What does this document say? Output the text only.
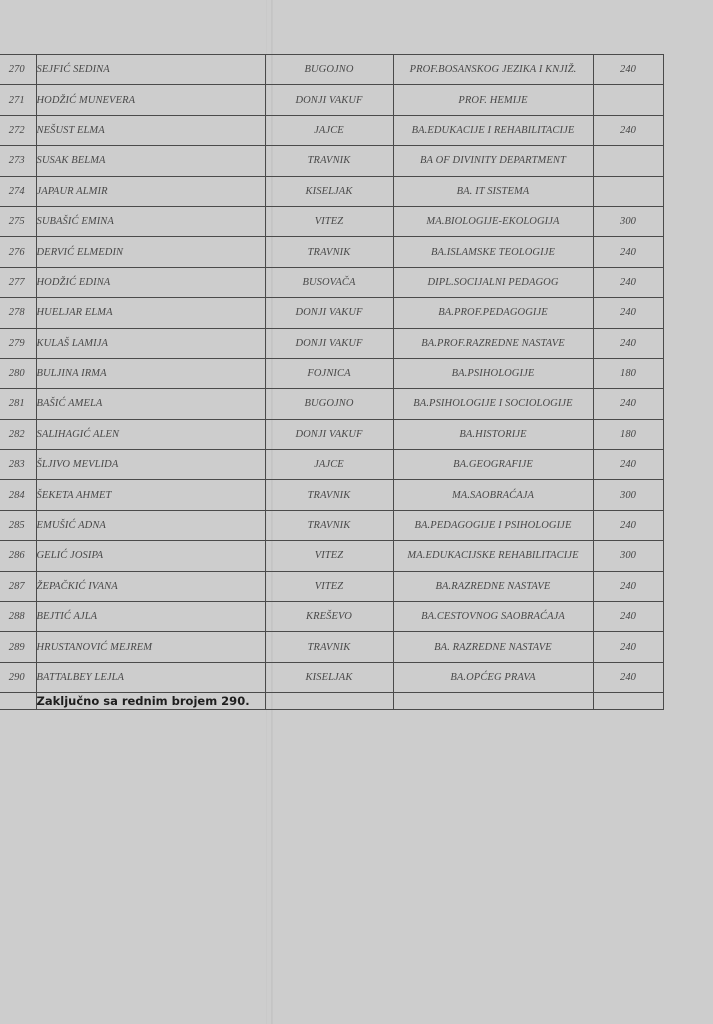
270	SEJFIĆ SEDINA	BUGOJNO	PROF.BOSANSKOG JEZIKA I KNJIŽ.	240
271	HODŽIĆ MUNEVERA	DONJI VAKUF	PROF. HEMIJE	
272	NEŠUST ELMA	JAJCE	BA.EDUKACIJE I REHABILITACIJE	240
273	SUSAK BELMA	TRAVNIK	BA OF DIVINITY DEPARTMENT	
274	JAPAUR ALMIR	KISELJAK	BA. IT SISTEMA	
275	SUBAŠIĆ EMINA	VITEZ	MA.BIOLOGIJE-EKOLOGIJA	300
276	DERVIĆ ELMEDIN	TRAVNIK	BA.ISLAMSKE TEOLOGIJE	240
277	HODŽIĆ EDINA	BUSOVAČA	DIPL.SOCIJALNI PEDAGOG	240
278	HUELJAR ELMA	DONJI VAKUF	BA.PROF.PEDAGOGIJE	240
279	KULAŠ LAMIJA	DONJI VAKUF	BA.PROF.RAZREDNE NASTAVE	240
280	BULJINA IRMA	FOJNICA	BA.PSIHOLOGIJE	180
281	BAŠIĆ AMELA	BUGOJNO	BA.PSIHOLOGIJE I SOCIOLOGIJE	240
282	SALIHAGIĆ ALEN	DONJI VAKUF	BA.HISTORIJE	180
283	ŠLJIVO MEVLIDA	JAJCE	BA.GEOGRAFIJE	240
284	ŠEKETA AHMET	TRAVNIK	MA.SAOBRAĆAJA	300
285	EMUŠIĆ ADNA	TRAVNIK	BA.PEDAGOGIJE I PSIHOLOGIJE	240
286	GELIĆ JOSIPA	VITEZ	MA.EDUKACIJSKE REHABILITACIJE	300
287	ŽEPAČKIĆ IVANA	VITEZ	BA.RAZREDNE NASTAVE	240
288	BEJTIĆ AJLA	KREŠEVO	BA.CESTOVNOG SAOBRAĆAJA	240
289	HRUSTANOVIĆ MEJREM	TRAVNIK	BA. RAZREDNE NASTAVE	240
290	BATTALBEY LEJLA	KISELJAK	BA.OPĆEG PRAVA	240
	Zaključno sa rednim brojem 290.			
